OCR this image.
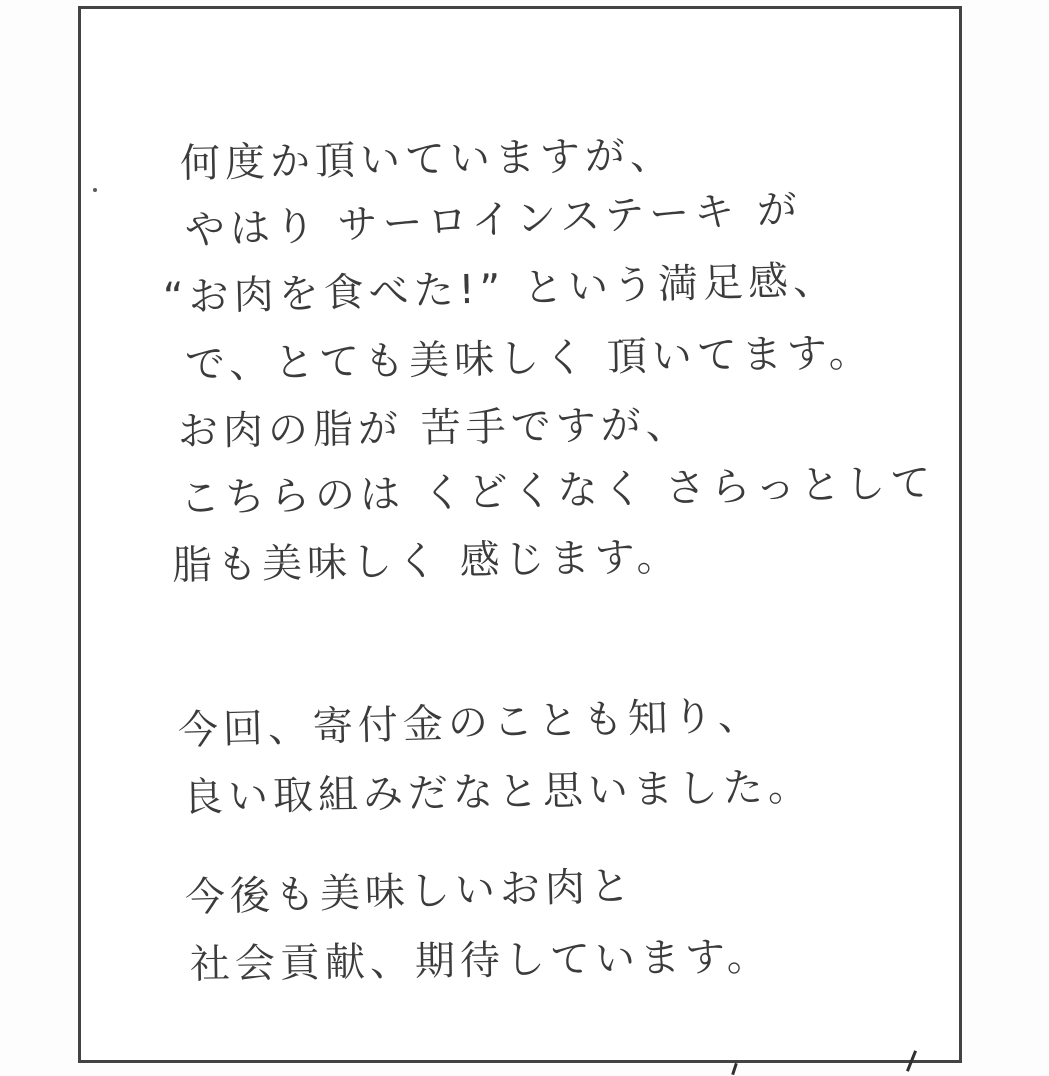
何度か頂いていますが、
やはり サーロインステーキ が
“お肉を食べた!” という満足感、
で、とても美味しく 頂いてます。
お肉の脂が 苦手ですが、
こちらのは くどくなく さらっとして
脂も美味しく 感じます。
今回、寄付金のことも知り、
良い取組みだなと思いました。
今後も美味しいお肉と
社会貢献、期待しています。
